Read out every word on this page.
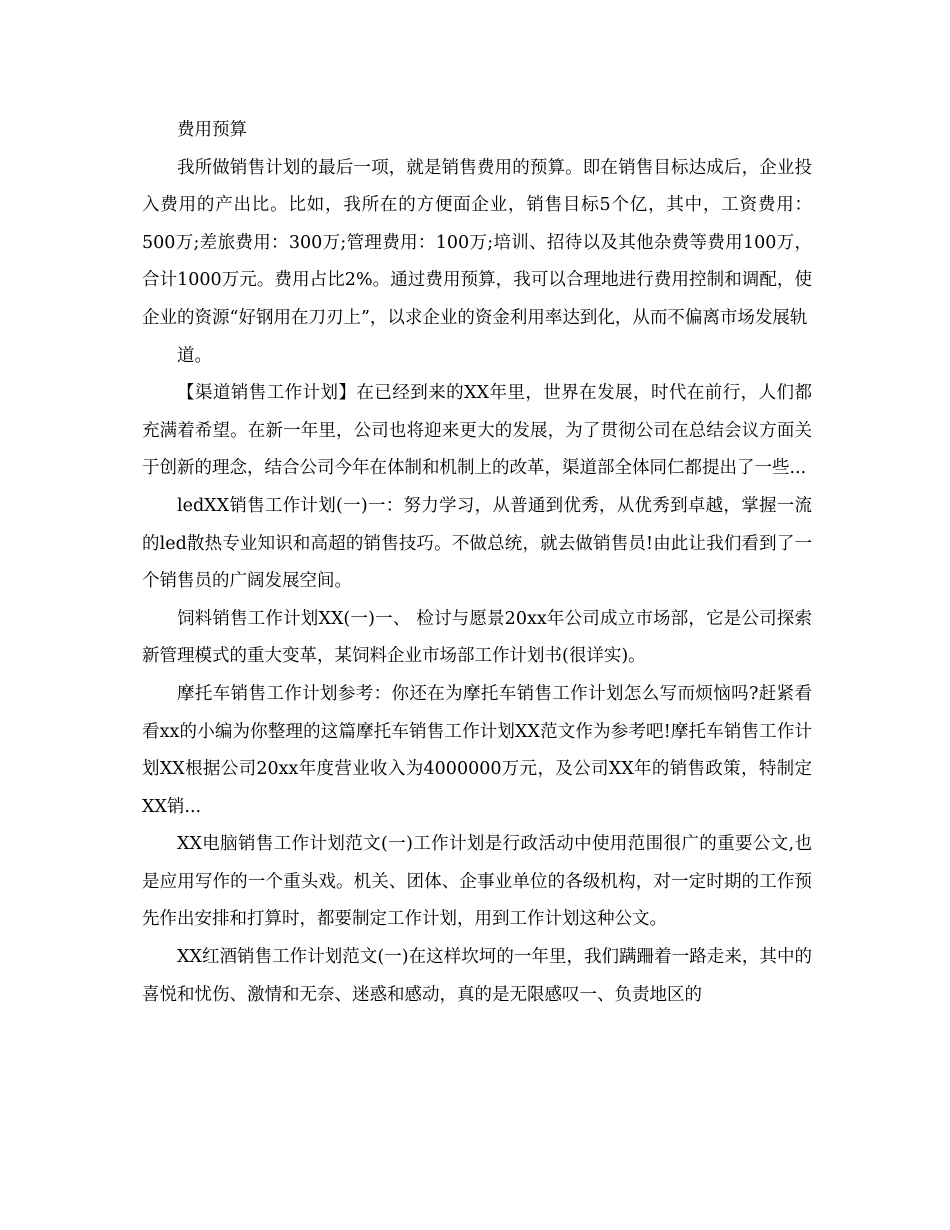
费用预算

我所做销售计划的最后一项，就是销售费用的预算。即在销售目标达成后，企业投入费用的产出比。比如，我所在的方便面企业，销售目标5个亿，其中，工资费用：500万;差旅费用：300万;管理费用：100万;培训、招待以及其他杂费等费用100万，合计1000万元。费用占比2%。通过费用预算，我可以合理地进行费用控制和调配，使企业的资源“好钢用在刀刃上”，以求企业的资金利用率达到化，从而不偏离市场发展轨

道。

【渠道销售工作计划】在已经到来的XX年里，世界在发展，时代在前行，人们都充满着希望。在新一年里，公司也将迎来更大的发展，为了贯彻公司在总结会议方面关于创新的理念，结合公司今年在体制和机制上的改革，渠道部全体同仁都提出了一些...

ledXX销售工作计划(一)一：努力学习，从普通到优秀，从优秀到卓越，掌握一流的led散热专业知识和高超的销售技巧。不做总统，就去做销售员!由此让我们看到了一个销售员的广阔发展空间。

饲料销售工作计划XX(一)一、 检讨与愿景20xx年公司成立市场部，它是公司探索新管理模式的重大变革，某饲料企业市场部工作计划书(很详实)。

摩托车销售工作计划参考：你还在为摩托车销售工作计划怎么写而烦恼吗?赶紧看看xx的小编为你整理的这篇摩托车销售工作计划XX范文作为参考吧!摩托车销售工作计划XX根据公司20xx年度营业收入为4000000万元，及公司XX年的销售政策，特制定XX销...

XX电脑销售工作计划范文(一)工作计划是行政活动中使用范围很广的重要公文,也是应用写作的一个重头戏。机关、团体、企事业单位的各级机构，对一定时期的工作预先作出安排和打算时，都要制定工作计划，用到工作计划这种公文。

XX红酒销售工作计划范文(一)在这样坎坷的一年里，我们蹒跚着一路走来，其中的喜悦和忧伤、激情和无奈、迷惑和感动，真的是无限感叹一、负责地区的
